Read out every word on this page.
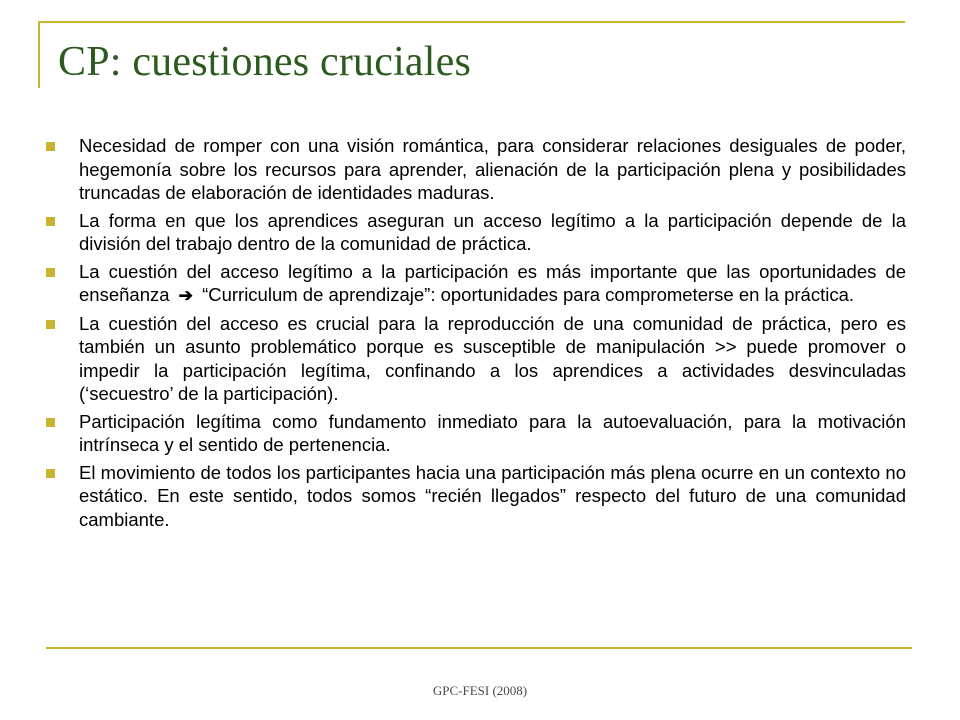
CP: cuestiones cruciales
Necesidad de romper con una visión romántica, para considerar relaciones desiguales de poder, hegemonía sobre los recursos para aprender, alienación de la participación plena y posibilidades truncadas de elaboración de identidades maduras.
La forma en que los aprendices aseguran un acceso legítimo a la participación depende de la división del trabajo dentro de la comunidad de práctica.
La cuestión del acceso legítimo a la participación es más importante que las oportunidades de enseñanza ➔ “Curriculum de aprendizaje”: oportunidades para comprometerse en la práctica.
La cuestión del acceso es crucial para la reproducción de una comunidad de práctica, pero es también un asunto problemático porque es susceptible de manipulación >> puede promover o impedir la participación legítima, confinando a los aprendices a actividades desvinculadas (‘secuestro’ de la participación).
Participación legítima como fundamento inmediato para la autoevaluación, para la motivación intrínseca y el sentido de pertenencia.
El movimiento de todos los participantes hacia una participación más plena ocurre en un contexto no estático. En este sentido, todos somos “recién llegados” respecto del futuro de una comunidad cambiante.
GPC-FESI (2008)
